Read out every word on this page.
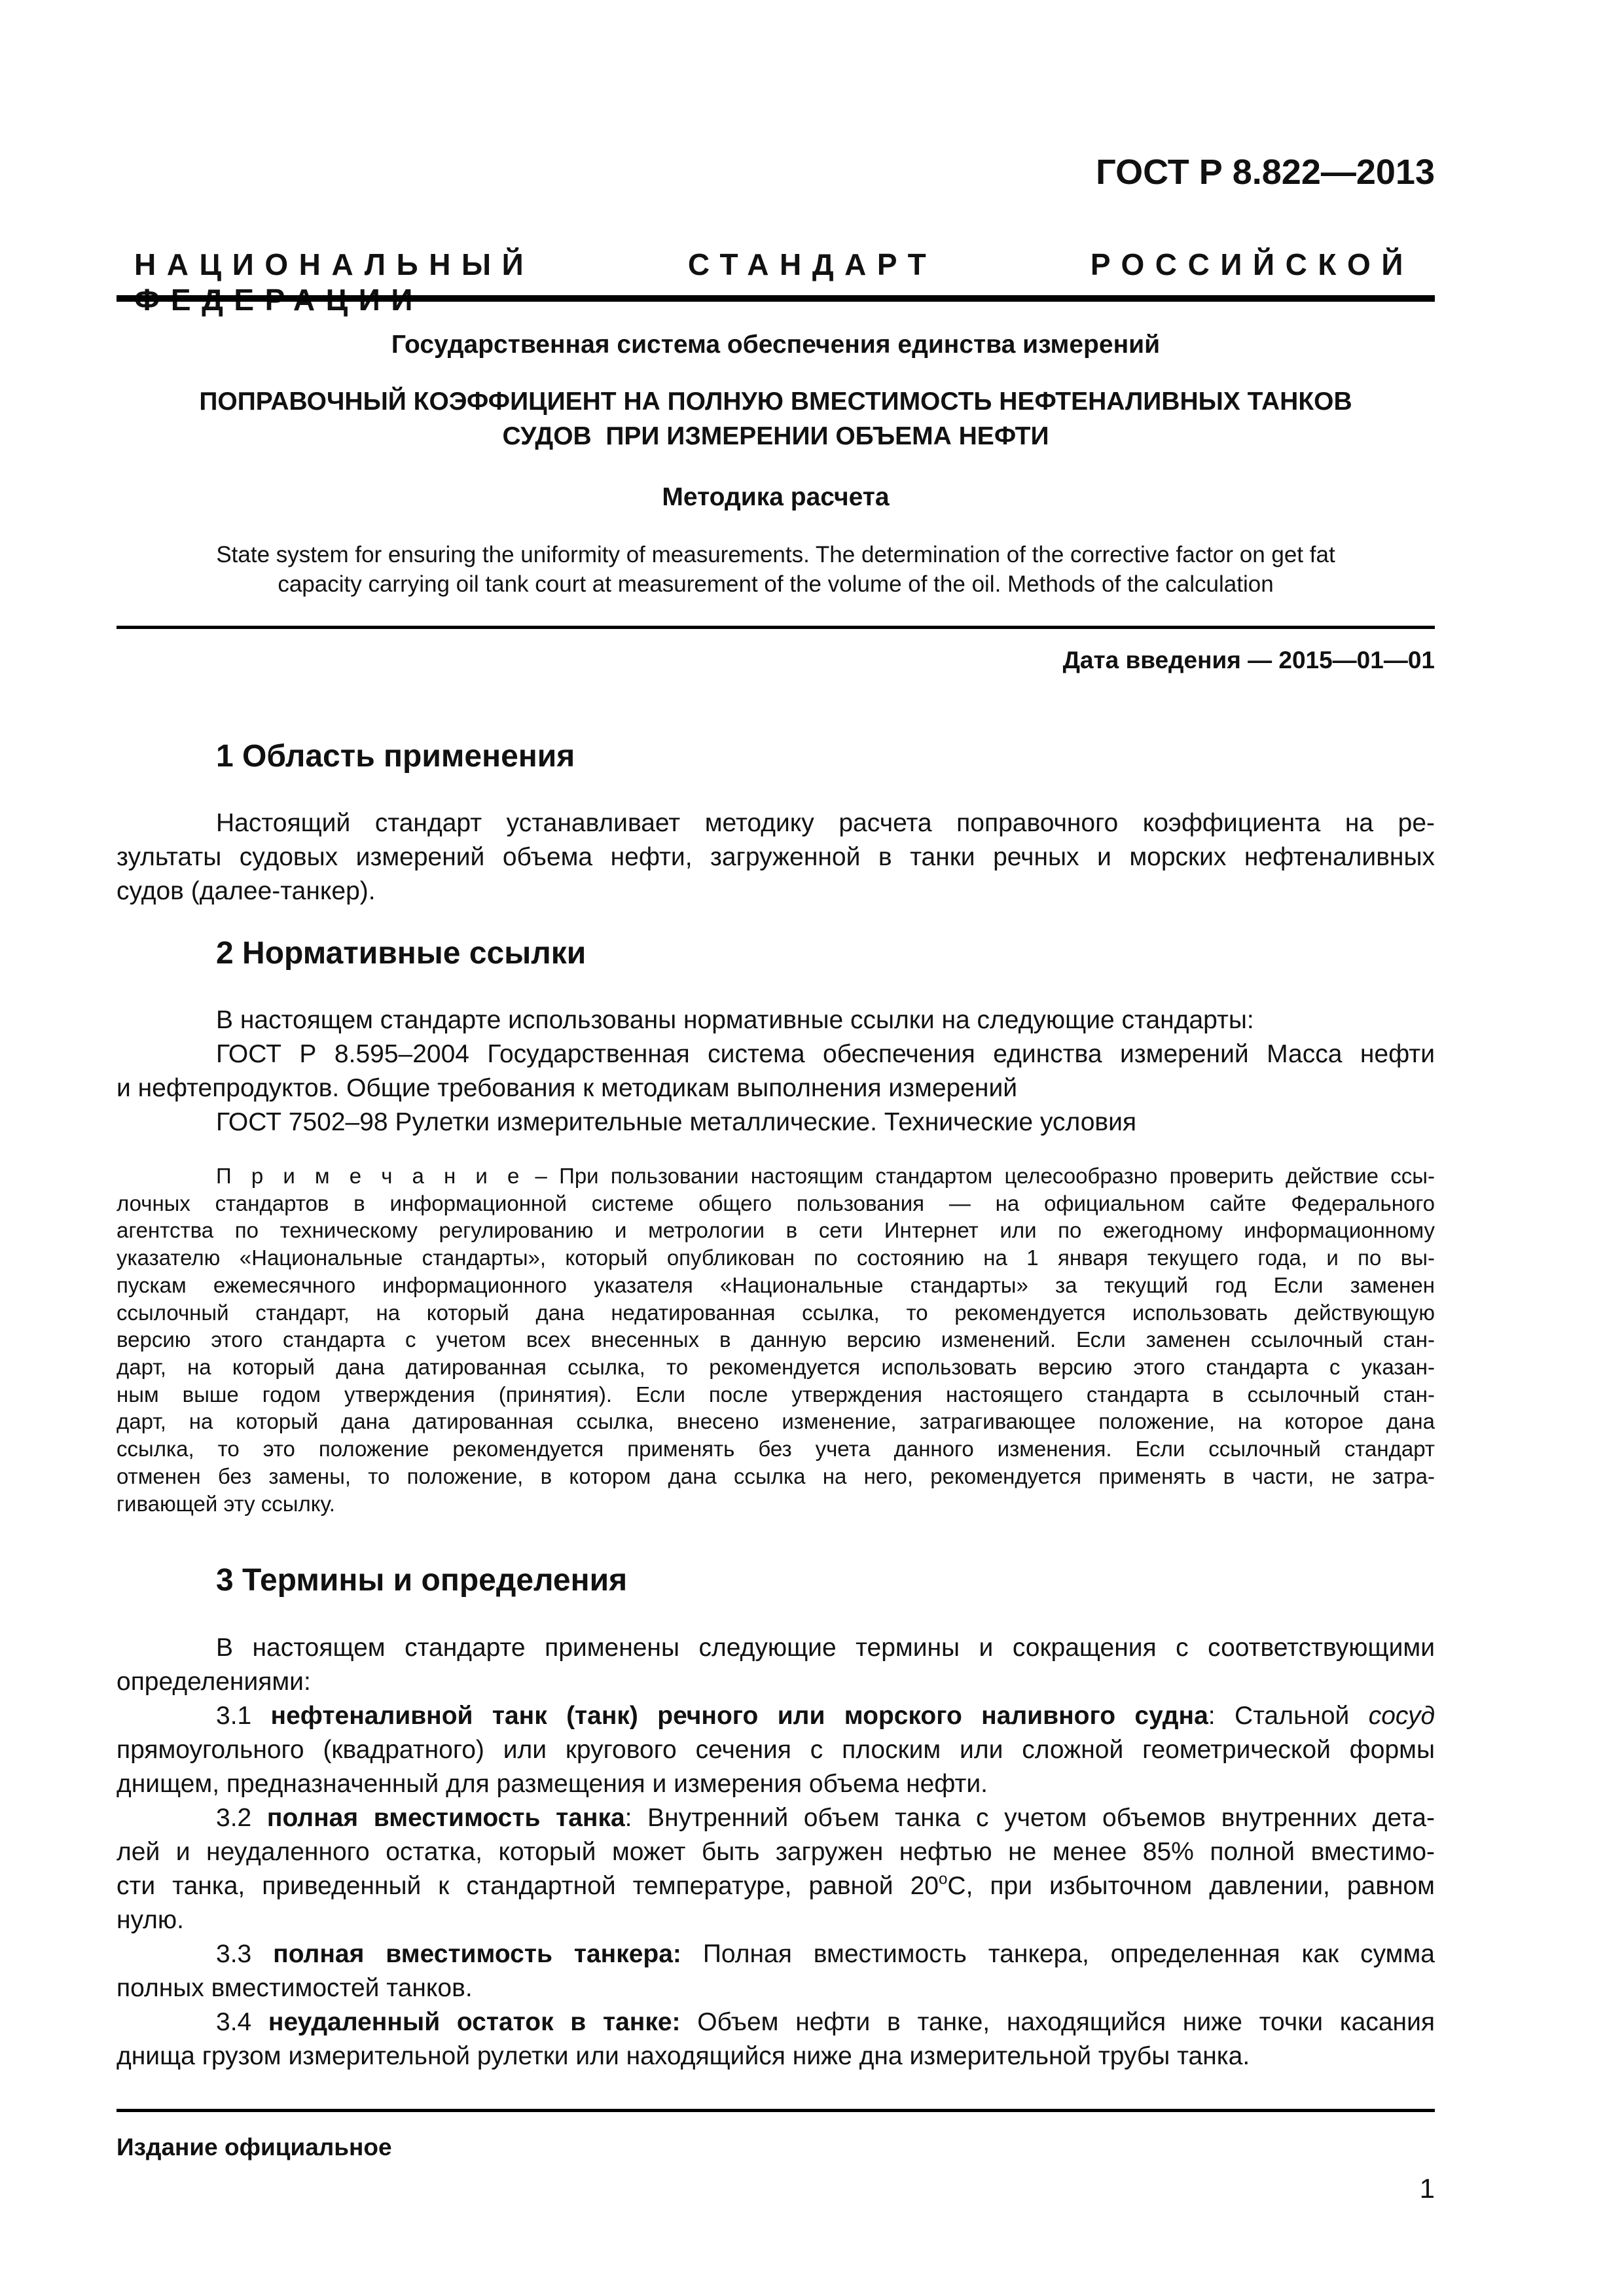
ГОСТ Р 8.822—2013
НАЦИОНАЛЬНЫЙ СТАНДАРТ РОССИЙСКОЙ
Государственная система обеспечения единства измерений
ПОПРАВОЧНЫЙ КОЭФФИЦИЕНТ НА ПОЛНУЮ ВМЕСТИМОСТЬ НЕФТЕНАЛИВНЫХ ТАНКОВ
СУДОВ  ПРИ ИЗМЕРЕНИИ ОБЪЕМА НЕФТИ
Методика расчета
State system for ensuring the uniformity of measurements. The determination of the corrective factor on get fat
capacity carrying oil tank court at measurement of the volume of the oil. Methods of the calculation
Дата введения — 2015—01—01
1 Область применения
Настоящий стандарт устанавливает методику расчета поправочного коэффициента на ре-
зультаты судовых измерений объема нефти, загруженной в танки речных и морских нефтеналивных
судов (далее-танкер).
2 Нормативные ссылки
В настоящем стандарте использованы нормативные ссылки на следующие стандарты:
ГОСТ Р 8.595–2004 Государственная система обеспечения единства измерений Масса нефти
и нефтепродуктов. Общие требования к методикам выполнения измерений
ГОСТ 7502–98 Рулетки измерительные металлические. Технические условия
П р и м е ч а н и е – При пользовании настоящим стандартом целесообразно проверить действие ссы-
лочных стандартов в информационной системе общего пользования — на официальном сайте Федерального
агентства по техническому регулированию и метрологии в сети Интернет или по ежегодному информационному
указателю «Национальные стандарты», который опубликован по состоянию на 1 января текущего года, и по вы-
пускам ежемесячного информационного указателя «Национальные стандарты» за текущий год Если заменен
ссылочный стандарт, на который дана недатированная ссылка, то рекомендуется использовать действующую
версию этого стандарта с учетом всех внесенных в данную версию изменений. Если заменен ссылочный стан-
дарт, на который дана датированная ссылка, то рекомендуется использовать версию этого стандарта с указан-
ным выше годом утверждения (принятия). Если после утверждения настоящего стандарта в ссылочный стан-
дарт, на который дана датированная ссылка, внесено изменение, затрагивающее положение, на которое дана
ссылка, то это положение рекомендуется применять без учета данного изменения. Если ссылочный стандарт
отменен без замены, то положение, в котором дана ссылка на него, рекомендуется применять в части, не затра-
гивающей эту ссылку.
3 Термины и определения
В настоящем стандарте применены следующие термины и сокращения с соответствующими
определениями:
3.1 нефтеналивной танк (танк) речного или морского наливного судна: Стальной сосуд
прямоугольного (квадратного) или кругового сечения с плоским или сложной геометрической формы
днищем, предназначенный для размещения и измерения объема нефти.
3.2 полная вместимость танка: Внутренний объем танка с учетом объемов внутренних дета-
лей и неудаленного остатка, который может быть загружен нефтью не менее 85% полной вместимо-
сти танка, приведенный к стандартной температуре, равной $20^оС$, при избыточном давлении, равном
нулю.
3.3 полная вместимость танкера: Полная вместимость танкера, определенная как сумма
полных вместимостей танков.
3.4 неудаленный остаток в танке: Объем нефти в танке, находящийся ниже точки касания
днища грузом измерительной рулетки или находящийся ниже дна измерительной трубы танка.
Издание официальное
1
